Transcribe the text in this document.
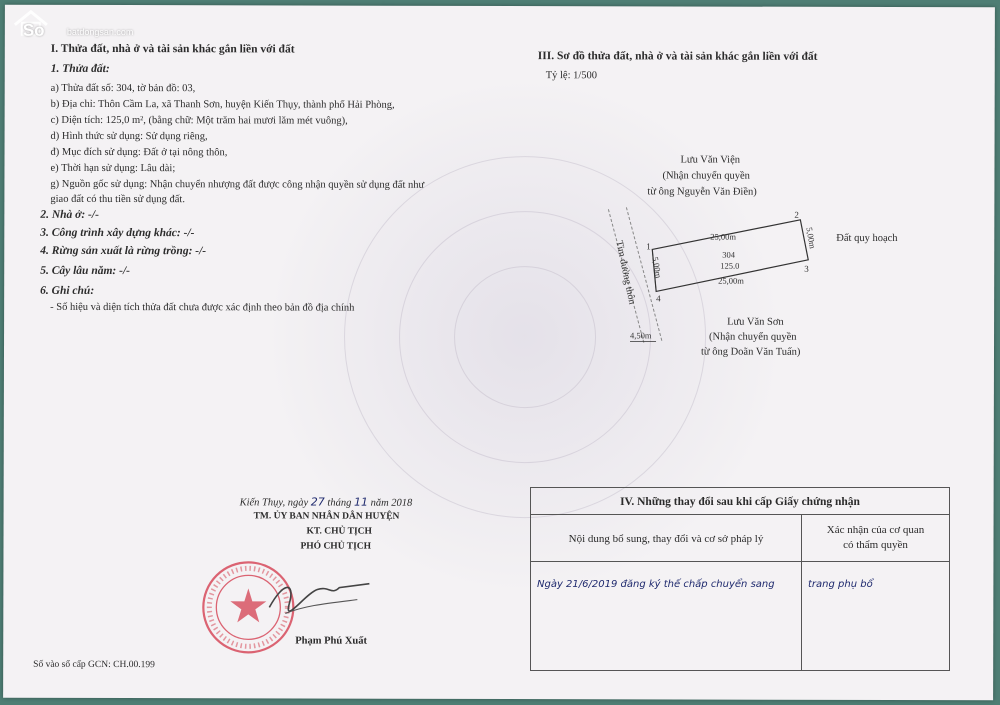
I. Thửa đất, nhà ở và tài sản khác gắn liền với đất
1. Thửa đất:
a) Thửa đất số: 304, tờ bản đồ: 03,
b) Địa chỉ: Thôn Cầm La, xã Thanh Sơn, huyện Kiến Thụy, thành phố Hải Phòng,
c) Diện tích: 125,0 m², (bằng chữ: Một trăm hai mươi lăm mét vuông),
d) Hình thức sử dụng: Sử dụng riêng,
đ) Mục đích sử dụng: Đất ở tại nông thôn,
e) Thời hạn sử dụng: Lâu dài;
g) Nguồn gốc sử dụng: Nhận chuyển nhượng đất được công nhận quyền sử dụng đất như
giao đất có thu tiền sử dụng đất.
2. Nhà ở: -/-
3. Công trình xây dựng khác: -/-
4. Rừng sản xuất là rừng trồng: -/-
5. Cây lâu năm: -/-
6. Ghi chú:
- Số hiệu và diện tích thửa đất chưa được xác định theo bản đồ địa chính
III. Sơ đồ thửa đất, nhà ở và tài sản khác gắn liền với đất
Tỷ lệ: 1/500
Lưu Văn Viện
(Nhận chuyển quyền
từ ông Nguyễn Văn Điền)
Đất quy hoạch
Lưu Văn Sơn
(Nhận chuyển quyền
từ ông Doãn Văn Tuấn)
Tim đường thôn	304
125.0
25,00m
25,00m
5,00m
5,00m
4,50m
1
2
3
4
Kiến Thụy, ngày 27 tháng 11 năm 2018
TM. ỦY BAN NHÂN DÂN HUYỆN
KT. CHỦ TỊCH
PHÓ CHỦ TỊCH
Phạm Phú Xuất
Số vào sổ cấp GCN: CH.00.199
So batdongsan.com
IV. Những thay đổi sau khi cấp Giấy chứng nhận	
Nội dung bổ sung, thay đổi và cơ sở pháp lý	Xác nhận của cơ quan
có thẩm quyền

Ngày 21/6/2019 đăng ký thế chấp chuyển sang	trang phụ bổ
